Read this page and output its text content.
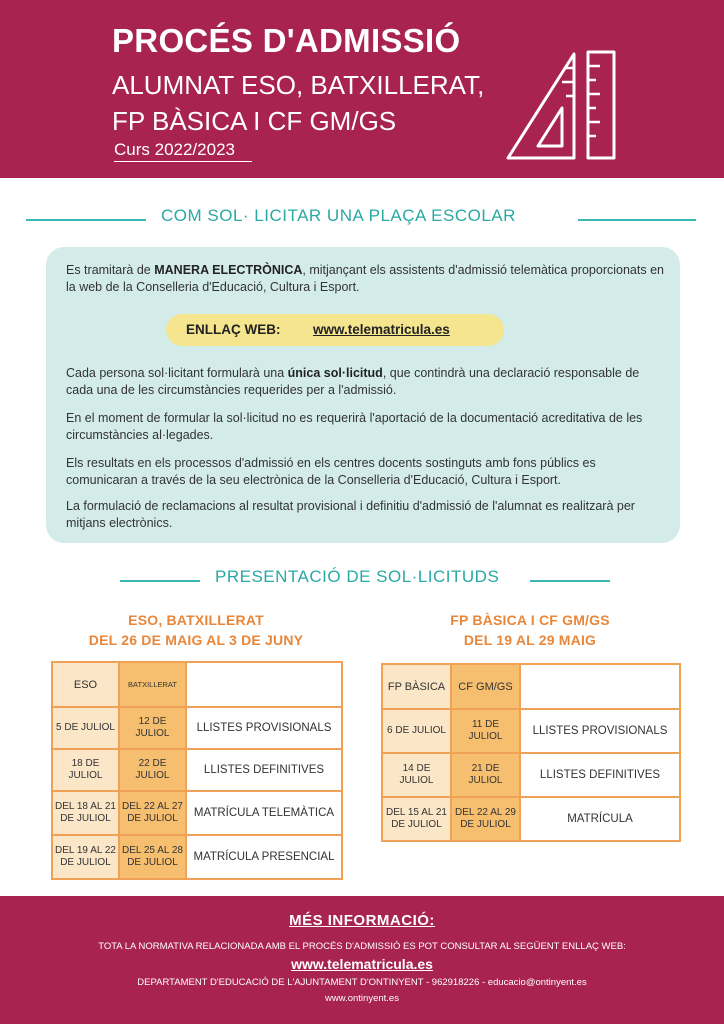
PROCÉS D'ADMISSIÓ
ALUMNAT ESO, BATXILLERAT,
FP BÀSICA I CF GM/GS
Curs 2022/2023
COM SOL· LICITAR UNA PLAÇA ESCOLAR
Es tramitarà de MANERA ELECTRÒNICA, mitjançant els assistents d'admissió telemàtica proporcionats en la web de la Conselleria d'Educació, Cultura i Esport.
ENLLAÇ WEB: www.telematricula.es
Cada persona sol·licitant formularà una única sol·licitud, que contindrà una declaració responsable de cada una de les circumstàncies requerides per a l'admissió.
En el moment de formular la sol·licitud no es requerirà l'aportació de la documentació acreditativa de les circumstàncies al·legades.
Els resultats en els processos d'admissió en els centres docents sostinguts amb fons públics es comunicaran a través de la seu electrònica de la Conselleria d'Educació, Cultura i Esport.
La formulació de reclamacions al resultat provisional i definitiu d'admissió de l'alumnat es realitzarà per mitjans electrònics.
PRESENTACIÓ DE SOL·LICITUDS
ESO, BATXILLERAT
DEL 26 DE MAIG AL 3 DE JUNY
FP BÀSICA I CF GM/GS
DEL 19 AL 29 MAIG
ESO	BATXILLERAT	
5 DE JULIOL	12 DE JULIOL	LLISTES PROVISIONALS
18 DE JULIOL	22 DE JULIOL	LLISTES DEFINITIVES
DEL 18 AL 21 DE JULIOL	DEL 22 AL 27 DE JULIOL	MATRÍCULA TELEMÀTICA
DEL 19 AL 22 DE JULIOL	DEL 25 AL 28 DE JULIOL	MATRÍCULA PRESENCIAL
FP BÀSICA	CF GM/GS	
6 DE JULIOL	11 DE JULIOL	LLISTES PROVISIONALS
14 DE JULIOL	21 DE JULIOL	LLISTES DEFINITIVES
DEL 15 AL 21 DE JULIOL	DEL 22 AL 29 DE JULIOL	MATRÍCULA
MÉS INFORMACIÓ:
TOTA LA NORMATIVA RELACIONADA AMB EL PROCÉS D'ADMISSIÓ ES POT CONSULTAR AL SEGÜENT ENLLAÇ WEB:
www.telematricula.es
DEPARTAMENT D'EDUCACIÓ DE L'AJUNTAMENT D'ONTINYENT - 962918226 - educacio@ontinyent.es
www.ontinyent.es
